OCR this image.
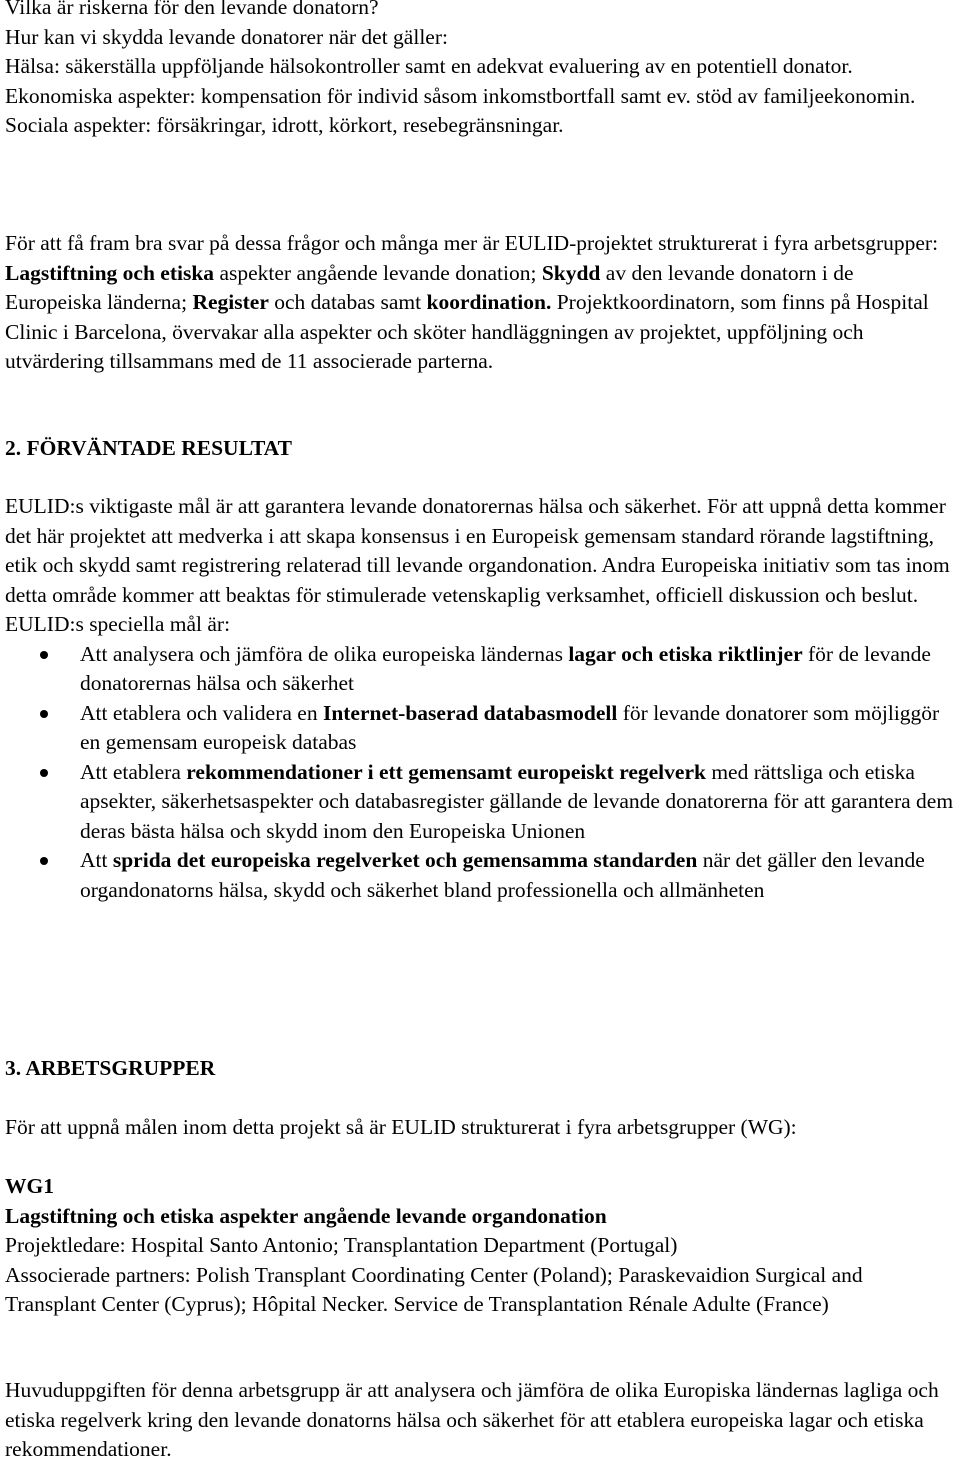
Vilka är riskerna för den levande donatorn?

Hur kan vi skydda levande donatorer när det gäller:

Hälsa: säkerställa uppföljande hälsokontroller samt en adekvat evaluering av en potentiell donator.

Ekonomiska aspekter: kompensation för individ såsom inkomstbortfall samt ev. stöd av familjeekonomin.

Sociala aspekter: försäkringar, idrott, körkort, resebegränsningar.

För att få fram bra svar på dessa frågor och många mer är EULID-projektet strukturerat i fyra arbetsgrupper: Lagstiftning och etiska aspekter angående levande donation; Skydd av den levande donatorn i de Europeiska länderna; Register och databas samt koordination. Projektkoordinatorn, som finns på Hospital Clinic i Barcelona, övervakar alla aspekter och sköter handläggningen av projektet, uppföljning och utvärdering tillsammans med de 11 associerade parterna.

2. FÖRVÄNTADE RESULTAT

EULID:s viktigaste mål är att garantera levande donatorernas hälsa och säkerhet. För att uppnå detta kommer det här projektet att medverka i att skapa konsensus i en Europeisk gemensam standard rörande lagstiftning, etik och skydd samt registrering relaterad till levande organdonation. Andra Europeiska initiativ som tas inom detta område kommer att beaktas för stimulerade vetenskaplig verksamhet, officiell diskussion och beslut.

EULID:s speciella mål är:

Att analysera och jämföra de olika europeiska ländernas lagar och etiska riktlinjer för de levande donatorernas hälsa och säkerhet
Att etablera och validera en Internet-baserad databasmodell för levande donatorer som möjliggör en gemensam europeisk databas
Att etablera rekommendationer i ett gemensamt europeiskt regelverk med rättsliga och etiska apsekter, säkerhetsaspekter och databasregister gällande de levande donatorerna för att garantera dem deras bästa hälsa och skydd inom den Europeiska Unionen
Att sprida det europeiska regelverket och gemensamma standarden när det gäller den levande organdonatorns hälsa, skydd och säkerhet bland professionella och allmänheten

3. ARBETSGRUPPER

För att uppnå målen inom detta projekt så är EULID strukturerat i fyra arbetsgrupper (WG):

WG1

Lagstiftning och etiska aspekter angående levande organdonation

Projektledare: Hospital Santo Antonio; Transplantation Department (Portugal)

Associerade partners: Polish Transplant Coordinating Center (Poland); Paraskevaidion Surgical and Transplant Center (Cyprus); Hôpital Necker. Service de Transplantation Rénale Adulte (France)

Huvuduppgiften för denna arbetsgrupp är att analysera och jämföra de olika Europiska ländernas lagliga och etiska regelverk kring den levande donatorns hälsa och säkerhet för att etablera europeiska lagar och etiska rekommendationer.
